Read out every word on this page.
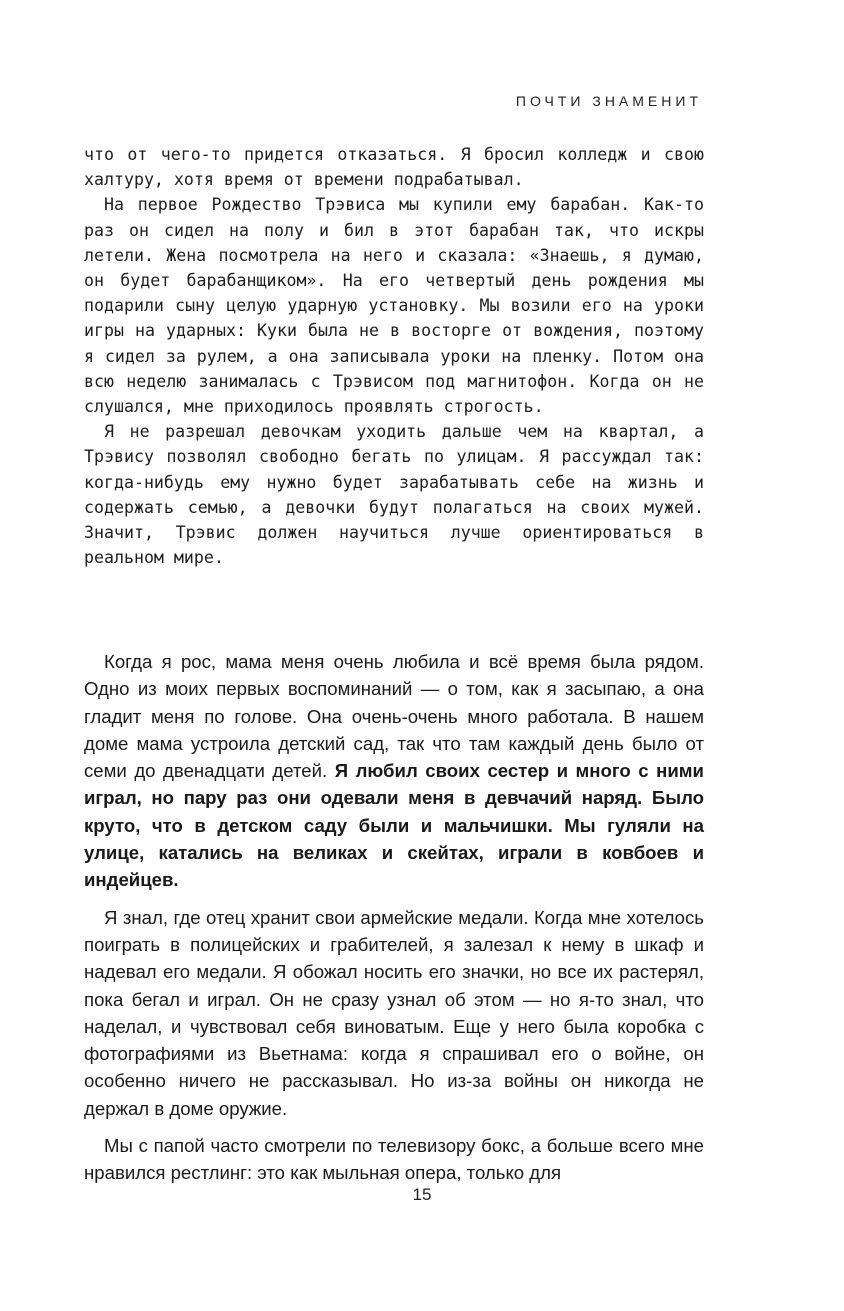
ПОЧТИ ЗНАМЕНИТ

что от чего-то придется отказаться. Я бросил колледж и свою халтуру, хотя время от времени подрабатывал.

На первое Рождество Трэвиса мы купили ему барабан. Как-то раз он сидел на полу и бил в этот барабан так, что искры летели. Жена посмотрела на него и сказала: «Знаешь, я думаю, он будет барабанщиком». На его четвертый день рождения мы подарили сыну целую ударную установку. Мы возили его на уроки игры на ударных: Куки была не в восторге от вождения, поэтому я сидел за рулем, а она записывала уроки на пленку. Потом она всю неделю занималась с Трэвисом под магнитофон. Когда он не слушался, мне приходилось проявлять строгость.

Я не разрешал девочкам уходить дальше чем на квартал, а Трэвису позволял свободно бегать по улицам. Я рассуждал так: когда-нибудь ему нужно будет зарабатывать себе на жизнь и содержать семью, а девочки будут полагаться на своих мужей. Значит, Трэвис должен научиться лучше ориентироваться в реальном мире.

Когда я рос, мама меня очень любила и всё время была рядом. Одно из моих первых воспоминаний — о том, как я засыпаю, а она гладит меня по голове. Она очень-очень много работала. В нашем доме мама устроила детский сад, так что там каждый день было от семи до двенадцати детей. Я любил своих сестер и много с ними играл, но пару раз они одевали меня в девчачий наряд. Было круто, что в детском саду были и мальчишки. Мы гуляли на улице, катались на великах и скейтах, играли в ковбоев и индейцев.

Я знал, где отец хранит свои армейские медали. Когда мне хотелось поиграть в полицейских и грабителей, я залезал к нему в шкаф и надевал его медали. Я обожал носить его значки, но все их растерял, пока бегал и играл. Он не сразу узнал об этом — но я-то знал, что наделал, и чувствовал себя виноватым. Еще у него была коробка с фотографиями из Вьетнама: когда я спрашивал его о войне, он особенно ничего не рассказывал. Но из-за войны он никогда не держал в доме оружие.

Мы с папой часто смотрели по телевизору бокс, а больше всего мне нравился рестлинг: это как мыльная опера, только для

15
